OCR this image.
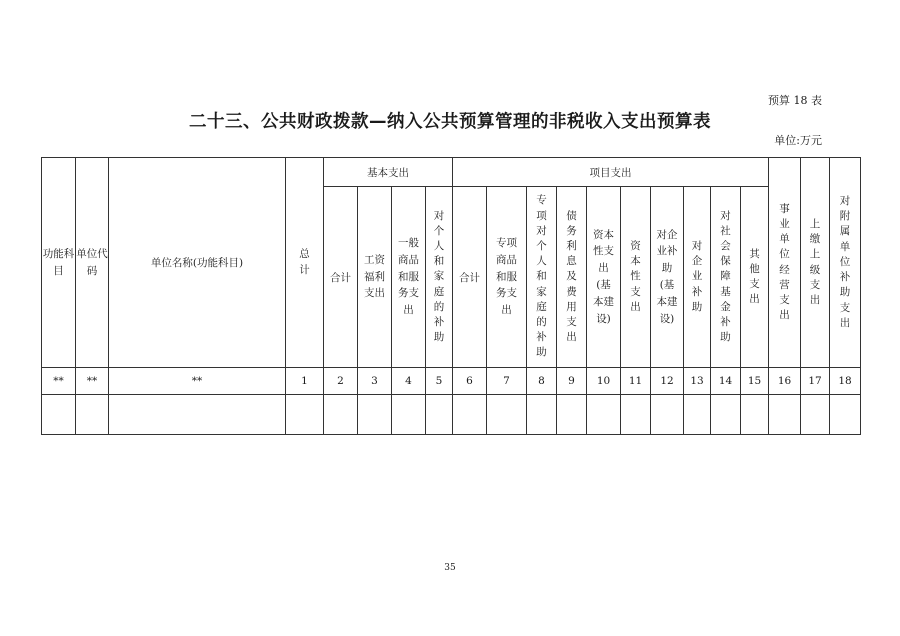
预算 18 表
二十三、公共财政拨款—纳入公共预算管理的非税收入支出预算表
单位:万元
功能科目	单位代码	单位名称(功能科目)	总计	基本支出				项目支出										事业单位经营支出	上缴上级支出	对附属单位补助支出
				合计	工资福利支出	一般商品和服务支出	对个人和家庭的补助	合计	专项商品和服务支出	专项对个人和家庭的补助	债务利息及费用支出	资本性支出(基本建设)	资本性支出	对企业补助(基本建设)	对企业补助	对社会保障基金补助	其他支出			
**	**	**	1	2	3	4	5	6	7	8	9	10	11	12	13	14	15	16	17	18

35
